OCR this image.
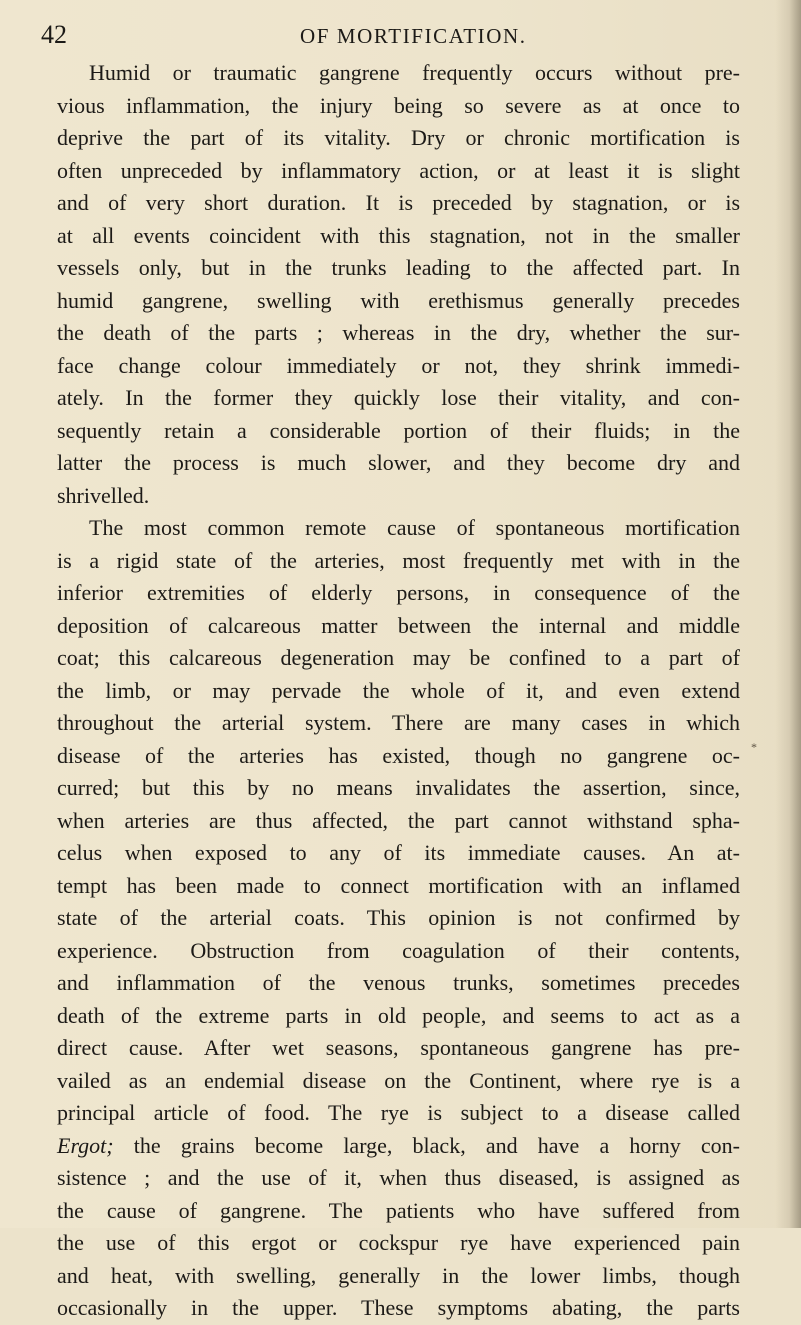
42	OF MORTIFICATION.
Humid or traumatic gangrene frequently occurs without pre-
vious inflammation, the injury being so severe as at once to
deprive the part of its vitality. Dry or chronic mortification is
often unpreceded by inflammatory action, or at least it is slight
and of very short duration. It is preceded by stagnation, or is
at all events coincident with this stagnation, not in the smaller
vessels only, but in the trunks leading to the affected part. In
humid gangrene, swelling with erethismus generally precedes
the death of the parts ; whereas in the dry, whether the sur-
face change colour immediately or not, they shrink immedi-
ately. In the former they quickly lose their vitality, and con-
sequently retain a considerable portion of their fluids; in the
latter the process is much slower, and they become dry and
shrivelled.
The most common remote cause of spontaneous mortification
is a rigid state of the arteries, most frequently met with in the
inferior extremities of elderly persons, in consequence of the
deposition of calcareous matter between the internal and middle
coat; this calcareous degeneration may be confined to a part of
the limb, or may pervade the whole of it, and even extend
throughout the arterial system. There are many cases in which
disease of the arteries has existed, though no gangrene oc-
curred; but this by no means invalidates the assertion, since,
when arteries are thus affected, the part cannot withstand spha-
celus when exposed to any of its immediate causes. An at-
tempt has been made to connect mortification with an inflamed
state of the arterial coats. This opinion is not confirmed by
experience. Obstruction from coagulation of their contents,
and inflammation of the venous trunks, sometimes precedes
death of the extreme parts in old people, and seems to act as a
direct cause. After wet seasons, spontaneous gangrene has pre-
vailed as an endemial disease on the Continent, where rye is a
principal article of food. The rye is subject to a disease called
Ergot; the grains become large, black, and have a horny con-
sistence ; and the use of it, when thus diseased, is assigned as
the cause of gangrene. The patients who have suffered from
the use of this ergot or cockspur rye have experienced pain
and heat, with swelling, generally in the lower limbs, though
occasionally in the upper. These symptoms abating, the parts
*
